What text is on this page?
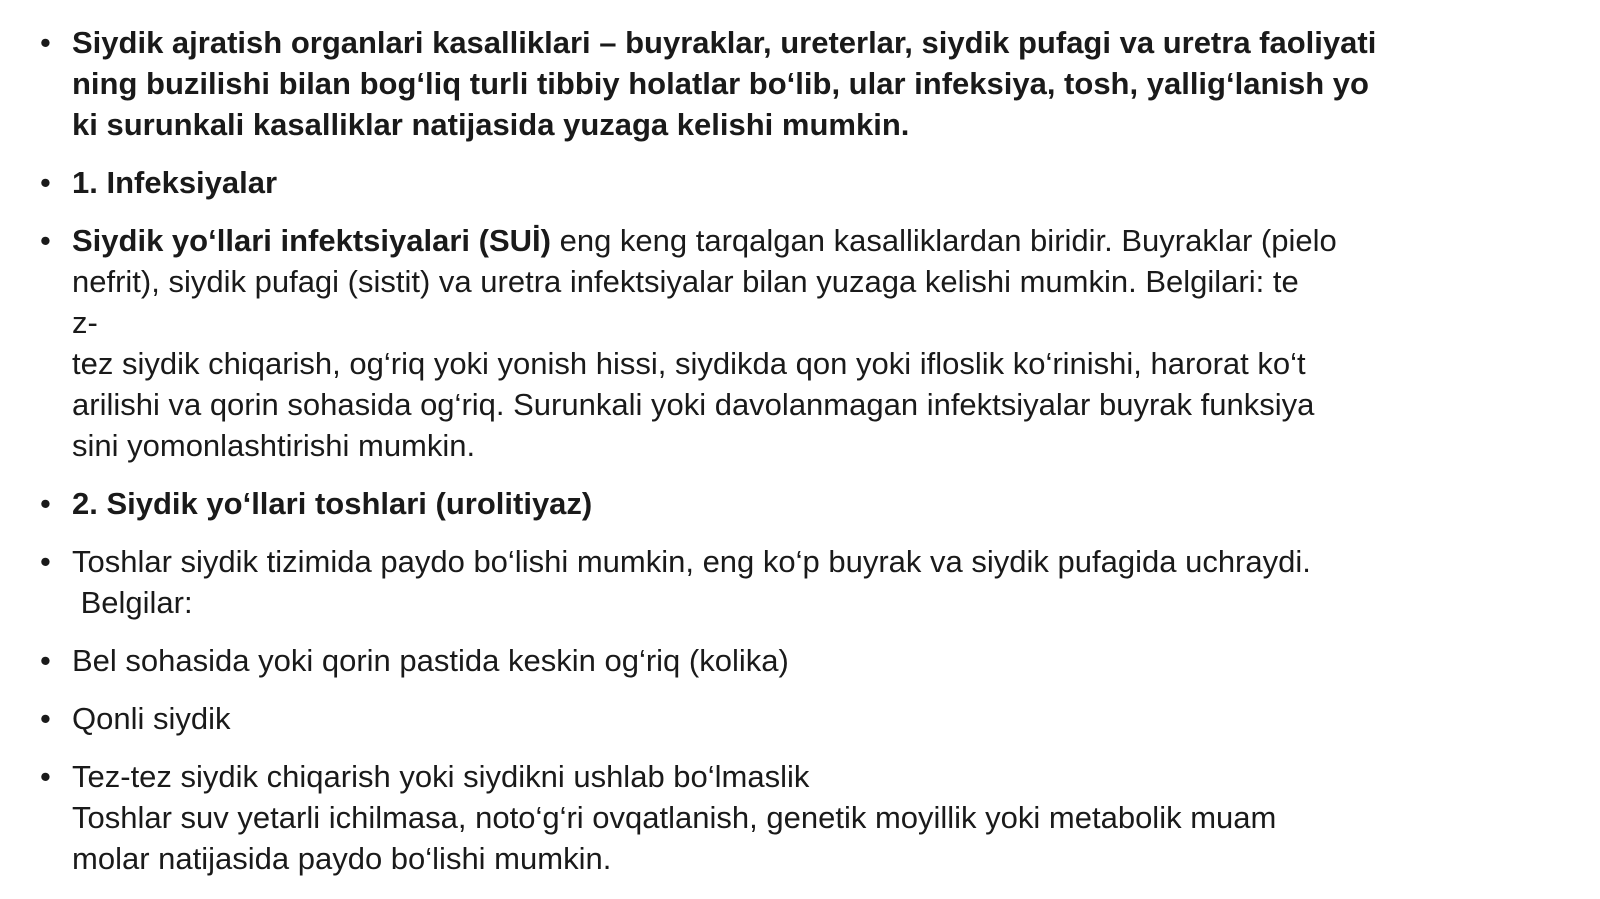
• Siydik ajratish organlari kasalliklari – buyraklar, ureterlar, siydik pufagi va uretra faoliyati
ning buzilishi bilan bog‘liq turli tibbiy holatlar bo‘lib, ular infeksiya, tosh, yallig‘lanish yo
ki surunkali kasalliklar natijasida yuzaga kelishi mumkin.
• 1. Infeksiyalar
• Siydik yo‘llari infektsiyalari (SUİ) eng keng tarqalgan kasalliklardan biridir. Buyraklar (pielo
nefrit), siydik pufagi (sistit) va uretra infektsiyalar bilan yuzaga kelishi mumkin. Belgilari: te
z-
tez siydik chiqarish, og‘riq yoki yonish hissi, siydikda qon yoki ifloslik ko‘rinishi, harorat ko‘t
arilishi va qorin sohasida og‘riq. Surunkali yoki davolanmagan infektsiyalar buyrak funksiya
sini yomonlashtirishi mumkin.
• 2. Siydik yo‘llari toshlari (urolitiyaz)
• Toshlar siydik tizimida paydo bo‘lishi mumkin, eng ko‘p buyrak va siydik pufagida uchraydi.
Belgilar:
• Bel sohasida yoki qorin pastida keskin og‘riq (kolika)
• Qonli siydik
• Tez-tez siydik chiqarish yoki siydikni ushlab bo‘lmaslik
Toshlar suv yetarli ichilmasa, noto‘g‘ri ovqatlanish, genetik moyillik yoki metabolik muam
molar natijasida paydo bo‘lishi mumkin.
